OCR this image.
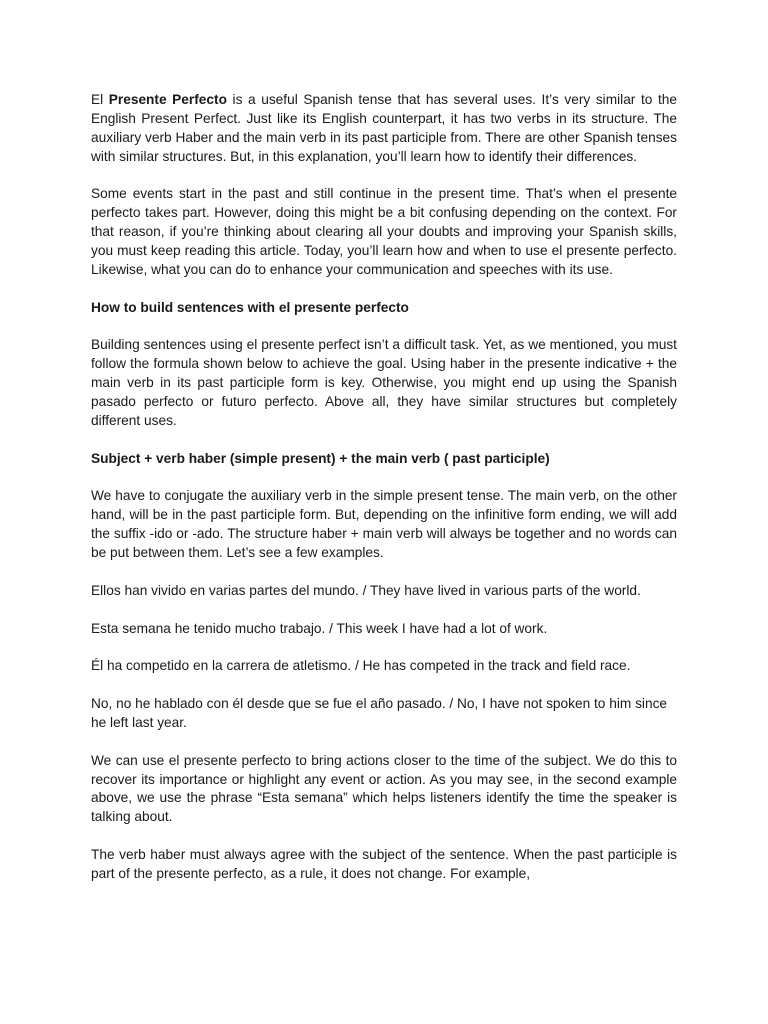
El Presente Perfecto is a useful Spanish tense that has several uses. It’s very similar to the English Present Perfect. Just like its English counterpart, it has two verbs in its structure. The auxiliary verb Haber and the main verb in its past participle from. There are other Spanish tenses with similar structures. But, in this explanation, you’ll learn how to identify their differences.

Some events start in the past and still continue in the present time. That’s when el presente perfecto takes part. However, doing this might be a bit confusing depending on the context. For that reason, if you’re thinking about clearing all your doubts and improving your Spanish skills, you must keep reading this article. Today, you’ll learn how and when to use el presente perfecto. Likewise, what you can do to enhance your communication and speeches with its use.

How to build sentences with el presente perfecto

Building sentences using el presente perfect isn’t a difficult task. Yet, as we mentioned, you must follow the formula shown below to achieve the goal. Using haber in the presente indicative + the main verb in its past participle form is key. Otherwise, you might end up using the Spanish pasado perfecto or futuro perfecto. Above all, they have similar structures but completely different uses.

Subject + verb haber (simple present) + the main verb ( past participle)

We have to conjugate the auxiliary verb in the simple present tense. The main verb, on the other hand, will be in the past participle form. But, depending on the infinitive form ending, we will add the suffix -ido or -ado. The structure haber + main verb will always be together and no words can be put between them. Let’s see a few examples.

Ellos han vivido en varias partes del mundo. / They have lived in various parts of the world.

Esta semana he tenido mucho trabajo. / This week I have had a lot of work.

Él ha competido en la carrera de atletismo. / He has competed in the track and field race.

No, no he hablado con él desde que se fue el año pasado. / No, I have not spoken to him since he left last year.

We can use el presente perfecto to bring actions closer to the time of the subject. We do this to recover its importance or highlight any event or action. As you may see, in the second example above, we use the phrase “Esta semana” which helps listeners identify the time the speaker is talking about.

The verb haber must always agree with the subject of the sentence. When the past participle is part of the presente perfecto, as a rule, it does not change. For example,
